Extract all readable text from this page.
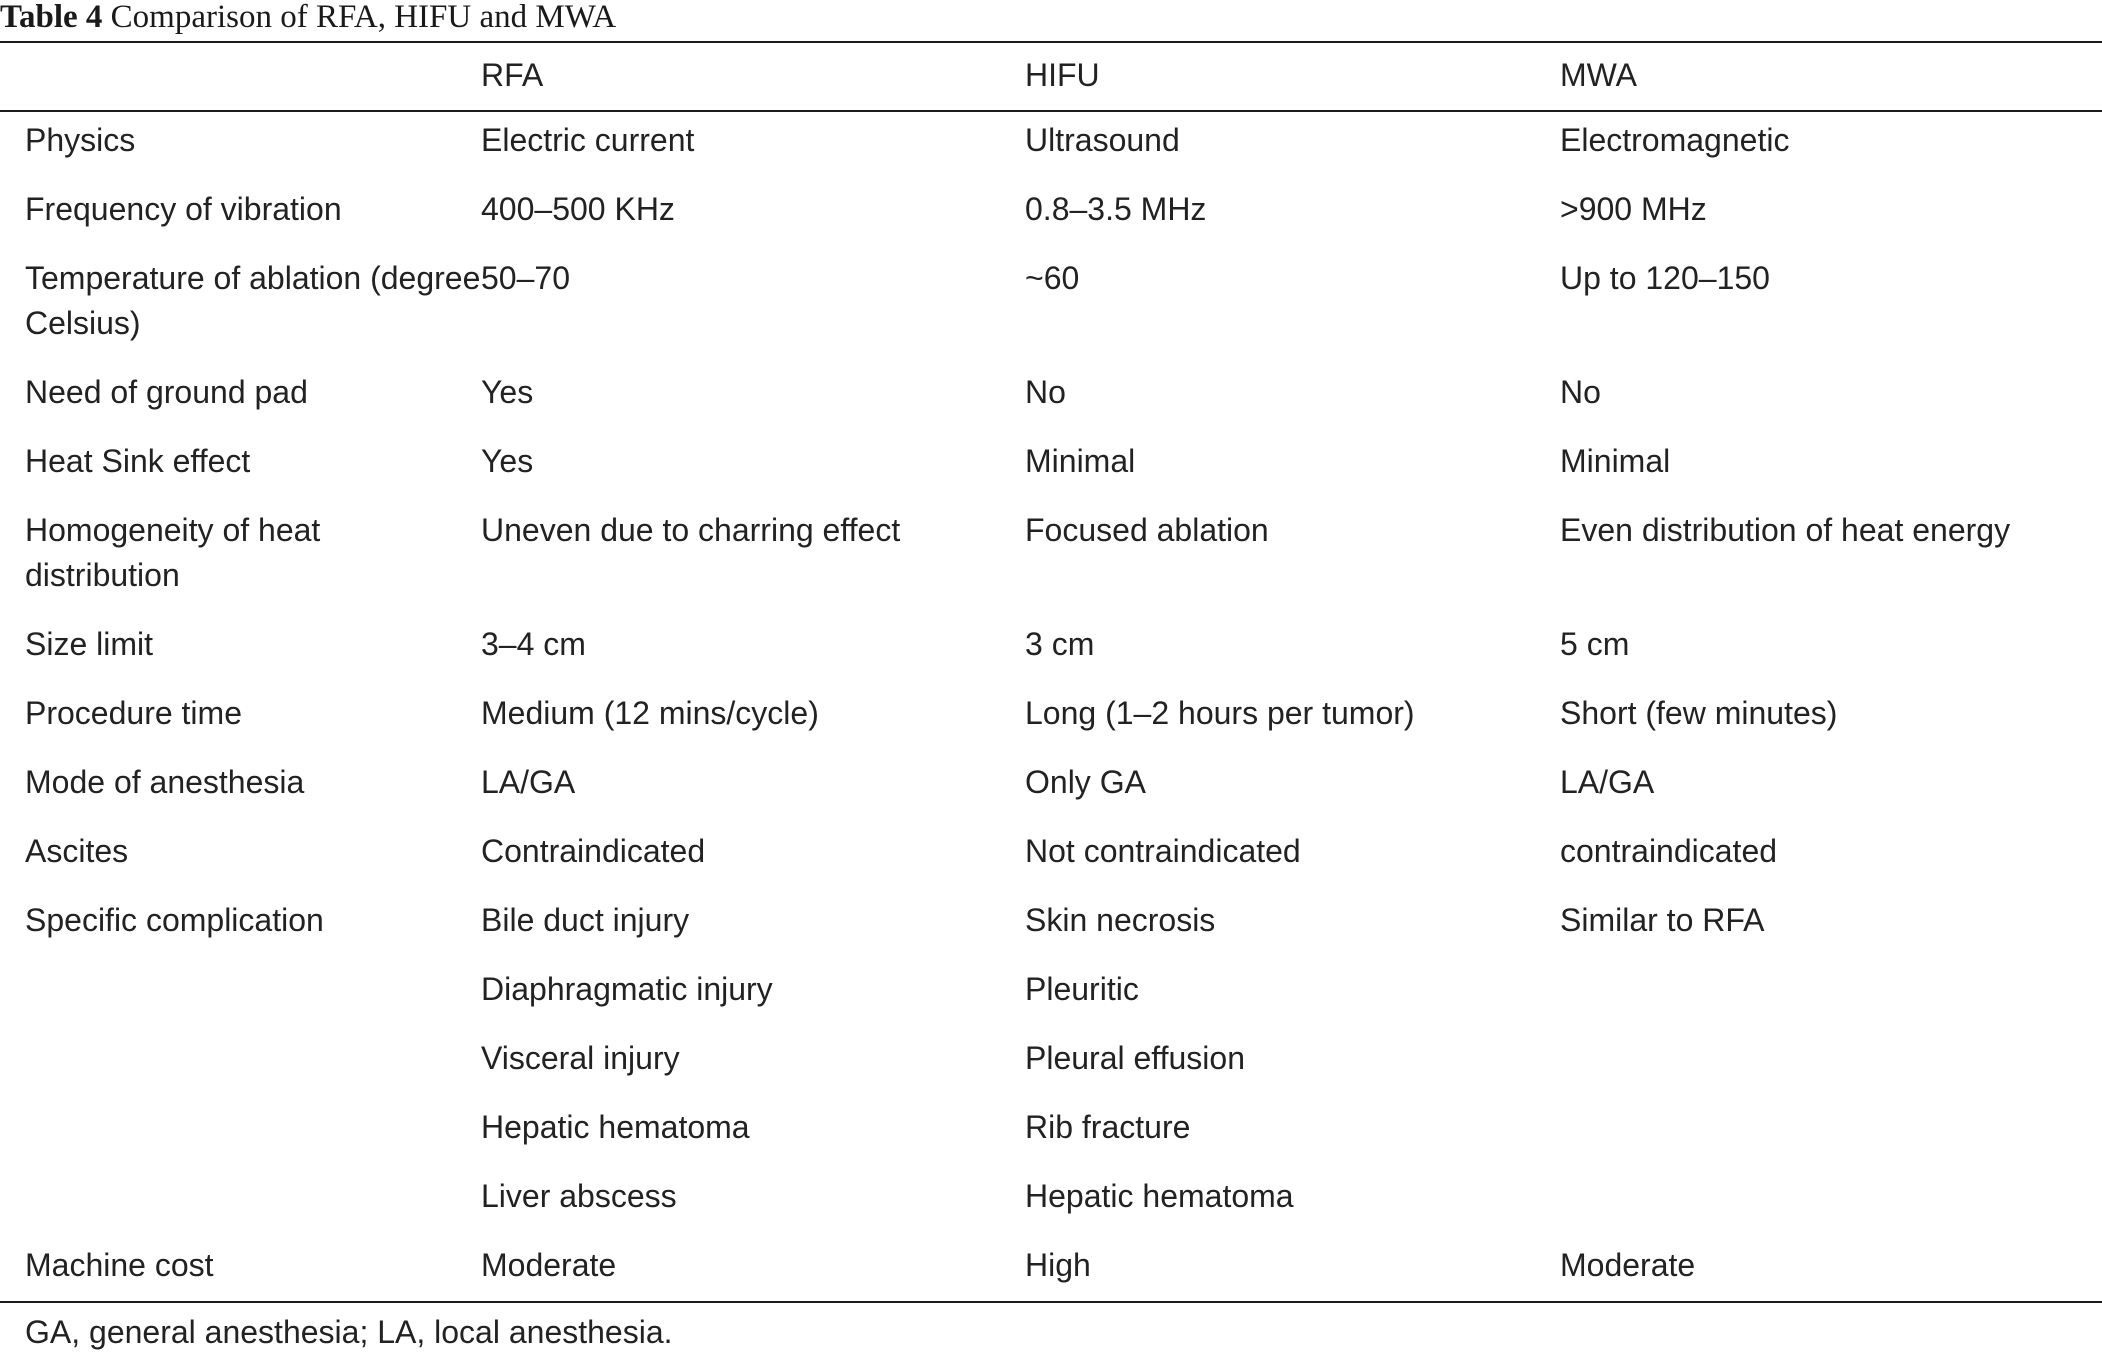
Table 4 Comparison of RFA, HIFU and MWA
	RFA	HIFU	MWA
Physics	Electric current	Ultrasound	Electromagnetic
Frequency of vibration	400–500 KHz	0.8–3.5 MHz	>900 MHz
Temperature of ablation (degree Celsius)	50–70	~60	Up to 120–150
Need of ground pad	Yes	No	No
Heat Sink effect	Yes	Minimal	Minimal
Homogeneity of heat distribution	Uneven due to charring effect	Focused ablation	Even distribution of heat energy
Size limit	3–4 cm	3 cm	5 cm
Procedure time	Medium (12 mins/cycle)	Long (1–2 hours per tumor)	Short (few minutes)
Mode of anesthesia	LA/GA	Only GA	LA/GA
Ascites	Contraindicated	Not contraindicated	contraindicated
Specific complication	Bile duct injury	Skin necrosis	Similar to RFA
	Diaphragmatic injury	Pleuritic	
	Visceral injury	Pleural effusion	
	Hepatic hematoma	Rib fracture	
	Liver abscess	Hepatic hematoma	
Machine cost	Moderate	High	Moderate
GA, general anesthesia; LA, local anesthesia.
